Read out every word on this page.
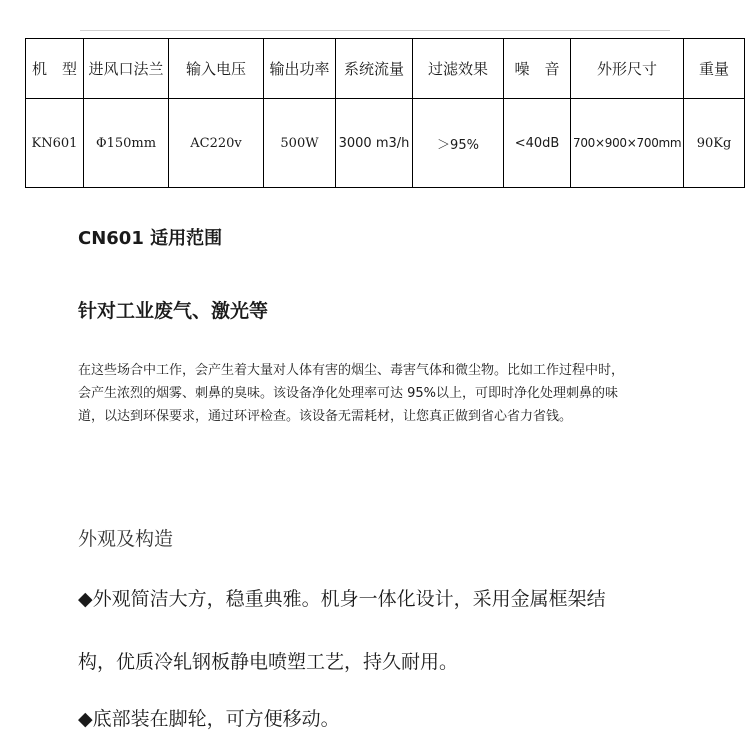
机　型	进风口法兰	输入电压	输出功率	系统流量	过滤效果	噪　音	外形尺寸	重量
KN601	Φ150mm	AC220v	500W	3000 m3/h	＞95%	<40dB	700×900×700mm	90Kg
CN601 适用范围
针对工业废气、激光等
在这些场合中工作，会产生着大量对人体有害的烟尘、毒害气体和微尘物。比如工作过程中时，
会产生浓烈的烟雾、刺鼻的臭味。该设备净化处理率可达 95%以上，可即时净化处理刺鼻的味
道，以达到环保要求，通过环评检查。该设备无需耗材，让您真正做到省心省力省钱。
外观及构造
◆外观简洁大方，稳重典雅。机身一体化设计，采用金属框架结
构，优质冷轧钢板静电喷塑工艺，持久耐用。
◆底部装在脚轮，可方便移动。
